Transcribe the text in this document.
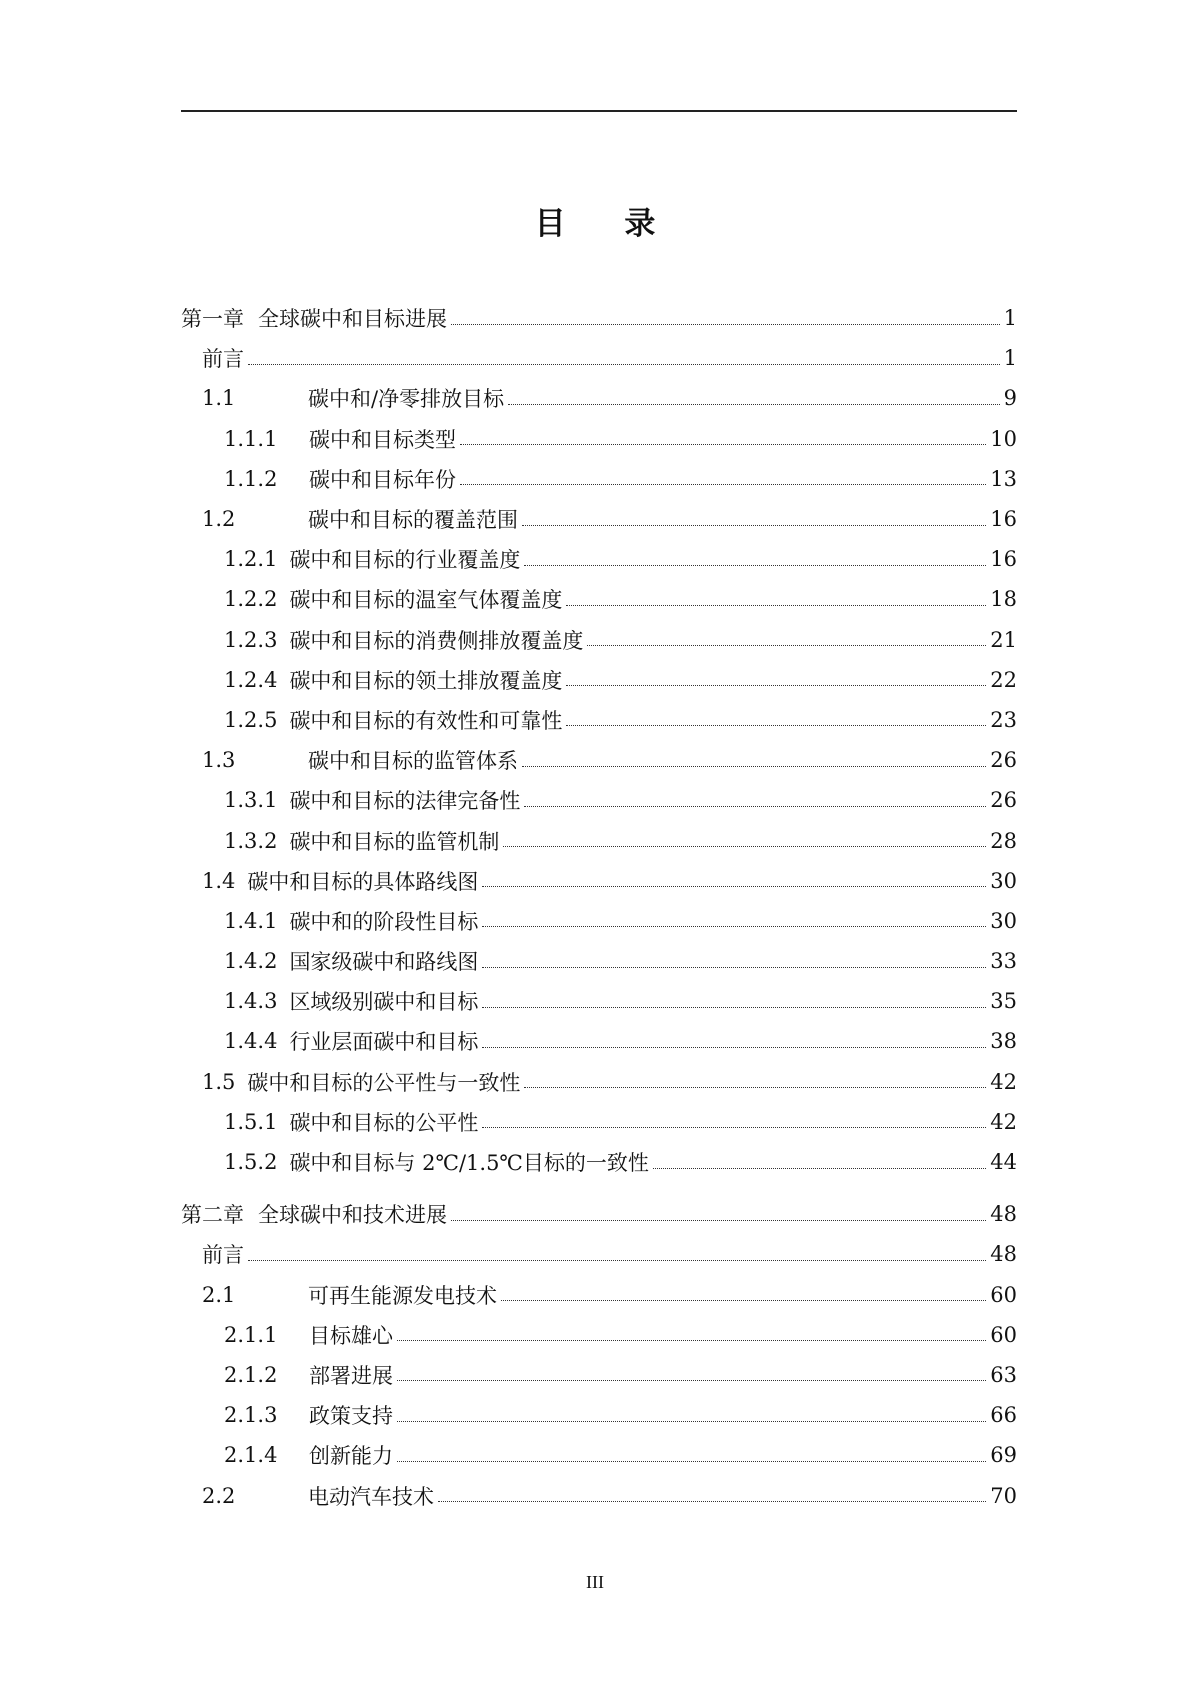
目 录
第一章 全球碳中和目标进展	1
前言	1
1.1	碳中和/净零排放目标	9
1.1.1	碳中和目标类型	10
1.1.2	碳中和目标年份	13
1.2	碳中和目标的覆盖范围	16
1.2.1 碳中和目标的行业覆盖度	16
1.2.2 碳中和目标的温室气体覆盖度	18
1.2.3 碳中和目标的消费侧排放覆盖度	21
1.2.4 碳中和目标的领土排放覆盖度	22
1.2.5 碳中和目标的有效性和可靠性	23
1.3	碳中和目标的监管体系	26
1.3.1 碳中和目标的法律完备性	26
1.3.2 碳中和目标的监管机制	28
1.4 碳中和目标的具体路线图	30
1.4.1 碳中和的阶段性目标	30
1.4.2 国家级碳中和路线图	33
1.4.3 区域级别碳中和目标	35
1.4.4 行业层面碳中和目标	38
1.5 碳中和目标的公平性与一致性	42
1.5.1 碳中和目标的公平性	42
1.5.2 碳中和目标与 2℃/1.5℃目标的一致性	44
第二章 全球碳中和技术进展	48
前言	48
2.1	可再生能源发电技术	60
2.1.1	目标雄心	60
2.1.2	部署进展	63
2.1.3	政策支持	66
2.1.4	创新能力	69
2.2	电动汽车技术	70
III
